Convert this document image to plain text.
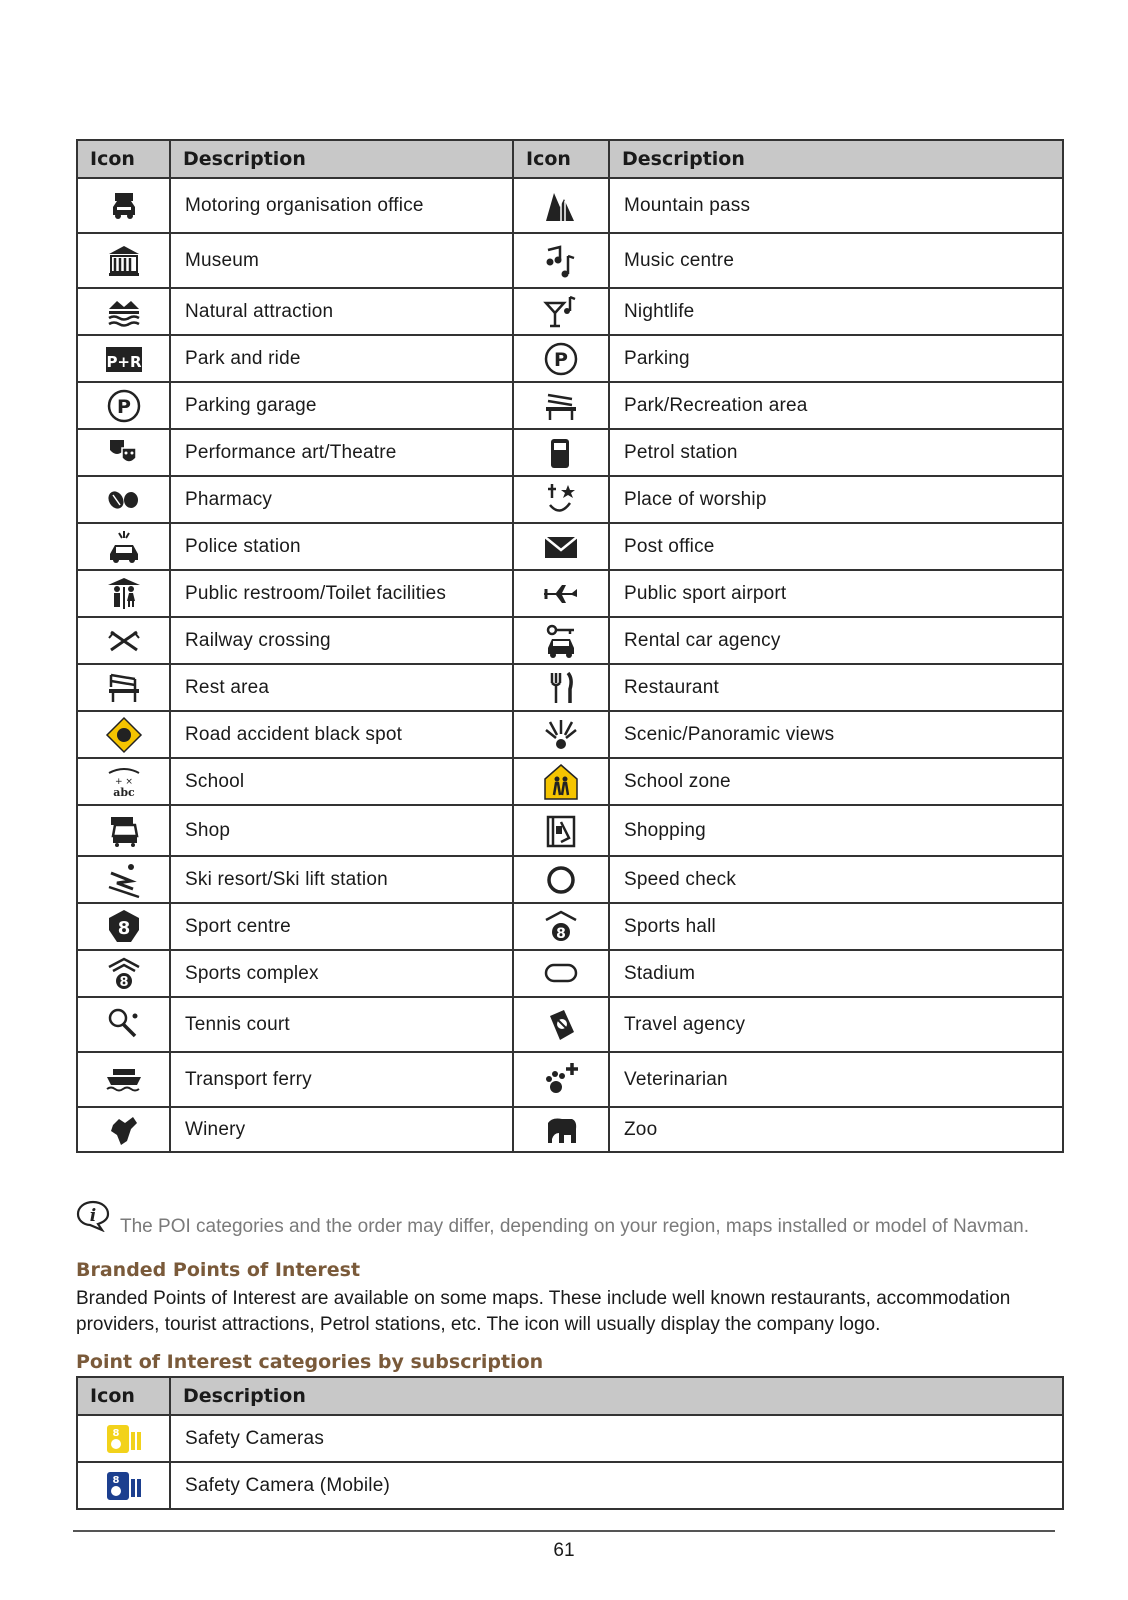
Icon	Description	Icon	Description

	Motoring organisation office		Mountain pass

	Museum		Music centre

	Natural attraction		Nightlife

P+R	Park and ride	P	Parking

P	Parking garage		Park/Recreation area

	Performance art/Theatre		Petrol station

	Pharmacy		Place of worship

	Police station		Post office

	Public restroom/Toilet facilities		Public sport airport

	Railway crossing		Rental car agency

	Rest area		Restaurant

	Road accident black spot		Scenic/Panoramic views

+ ×
abc	School		School zone

	Shop		Shopping

	Ski resort/Ski lift station		Speed check

8	Sport centre	8	Sports hall

8	Sports complex		Stadium

	Tennis court		Travel agency

	Transport ferry		Veterinarian

	Winery		Zoo
i The POI categories and the order may differ, depending on your region, maps installed or model of Navman.
Branded Points of Interest
Branded Points of Interest are available on some maps. These include well known restaurants, accommodation providers, tourist attractions, Petrol stations, etc. The icon will usually display the company logo.
Point of Interest categories by subscription
Icon	Description

8	Safety Cameras

8	Safety Camera (Mobile)
61
